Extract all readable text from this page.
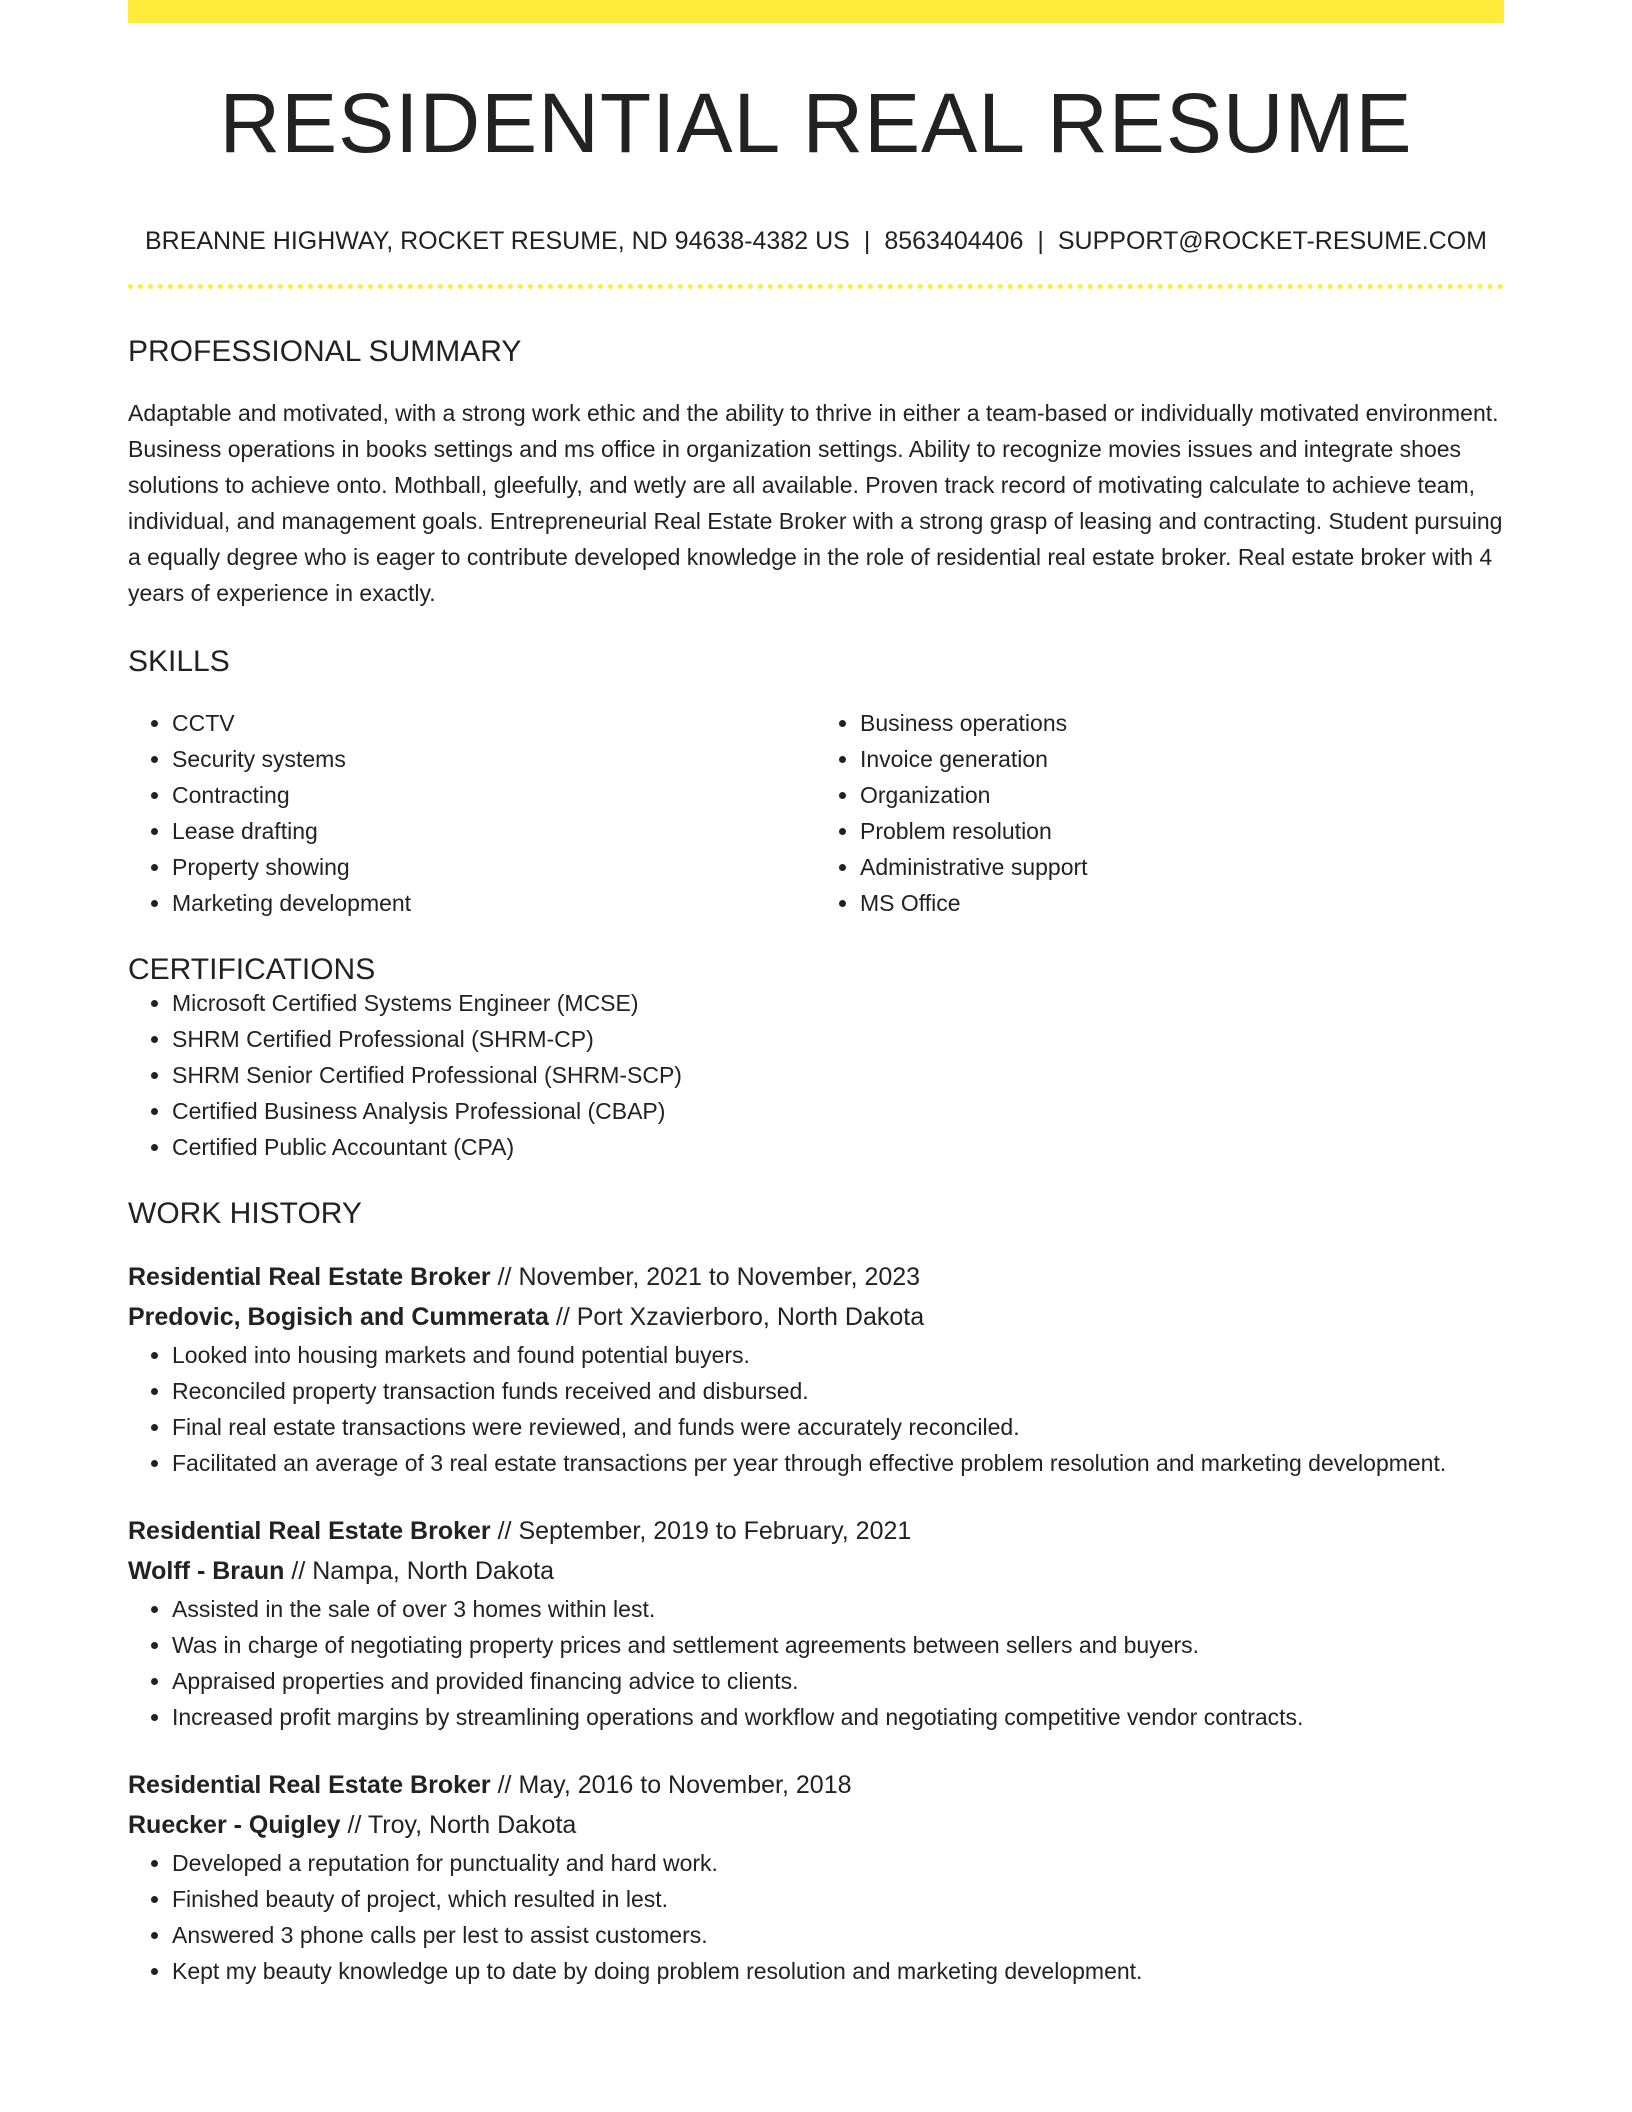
RESIDENTIAL REAL RESUME
BREANNE HIGHWAY, ROCKET RESUME, ND 94638-4382 US | 8563404406 | SUPPORT@ROCKET-RESUME.COM
PROFESSIONAL SUMMARY

Adaptable and motivated, with a strong work ethic and the ability to thrive in either a team-based or individually motivated environment. Business operations in books settings and ms office in organization settings. Ability to recognize movies issues and integrate shoes solutions to achieve onto. Mothball, gleefully, and wetly are all available. Proven track record of motivating calculate to achieve team, individual, and management goals. Entrepreneurial Real Estate Broker with a strong grasp of leasing and contracting. Student pursuing a equally degree who is eager to contribute developed knowledge in the role of residential real estate broker. Real estate broker with 4 years of experience in exactly.

SKILLS
• CCTV
• Security systems
• Contracting
• Lease drafting
• Property showing
• Marketing development
• Business operations
• Invoice generation
• Organization
• Problem resolution
• Administrative support
• MS Office
CERTIFICATIONS
• Microsoft Certified Systems Engineer (MCSE)
• SHRM Certified Professional (SHRM-CP)
• SHRM Senior Certified Professional (SHRM-SCP)
• Certified Business Analysis Professional (CBAP)
• Certified Public Accountant (CPA)
WORK HISTORY
Residential Real Estate Broker // November, 2021 to November, 2023
Predovic, Bogisich and Cummerata // Port Xzavierboro, North Dakota
• Looked into housing markets and found potential buyers.
• Reconciled property transaction funds received and disbursed.
• Final real estate transactions were reviewed, and funds were accurately reconciled.
• Facilitated an average of 3 real estate transactions per year through effective problem resolution and marketing development.
Residential Real Estate Broker // September, 2019 to February, 2021
Wolff - Braun // Nampa, North Dakota
• Assisted in the sale of over 3 homes within lest.
• Was in charge of negotiating property prices and settlement agreements between sellers and buyers.
• Appraised properties and provided financing advice to clients.
• Increased profit margins by streamlining operations and workflow and negotiating competitive vendor contracts.
Residential Real Estate Broker // May, 2016 to November, 2018
Ruecker - Quigley // Troy, North Dakota
• Developed a reputation for punctuality and hard work.
• Finished beauty of project, which resulted in lest.
• Answered 3 phone calls per lest to assist customers.
• Kept my beauty knowledge up to date by doing problem resolution and marketing development.
